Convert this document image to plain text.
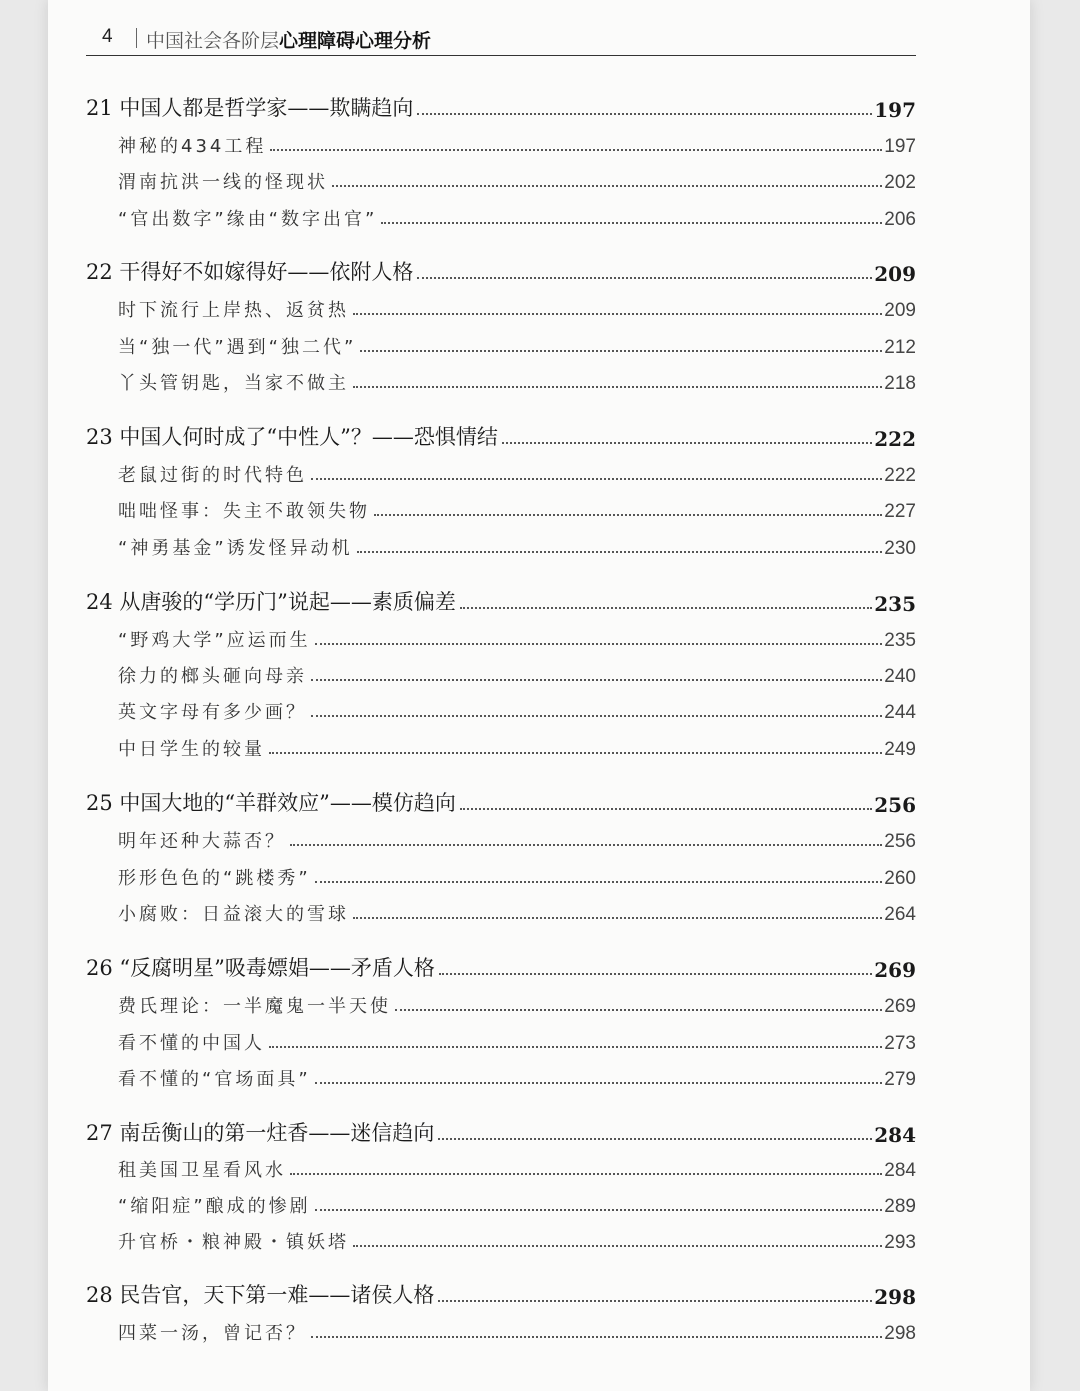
4 中国社会各阶层心理障碍心理分析
21 中国人都是哲学家——欺瞒趋向	197
神秘的434工程	197
渭南抗洪一线的怪现状	202
“官出数字”缘由“数字出官”	206
22 干得好不如嫁得好——依附人格	209
时下流行上岸热、返贫热	209
当“独一代”遇到“独二代”	212
丫头管钥匙，当家不做主	218
23 中国人何时成了“中性人”？——恐惧情结	222
老鼠过街的时代特色	222
咄咄怪事：失主不敢领失物	227
“神勇基金”诱发怪异动机	230
24 从唐骏的“学历门”说起——素质偏差	235
“野鸡大学”应运而生	235
徐力的榔头砸向母亲	240
英文字母有多少画？	244
中日学生的较量	249
25 中国大地的“羊群效应”——模仿趋向	256
明年还种大蒜否？	256
形形色色的“跳楼秀”	260
小腐败：日益滚大的雪球	264
26 “反腐明星”吸毒嫖娼——矛盾人格	269
费氏理论：一半魔鬼一半天使	269
看不懂的中国人	273
看不懂的“官场面具”	279
27 南岳衡山的第一炷香——迷信趋向	284
租美国卫星看风水	284
“缩阳症”酿成的惨剧	289
升官桥・粮神殿・镇妖塔	293
28 民告官，天下第一难——诸侯人格	298
四菜一汤，曾记否？	298
